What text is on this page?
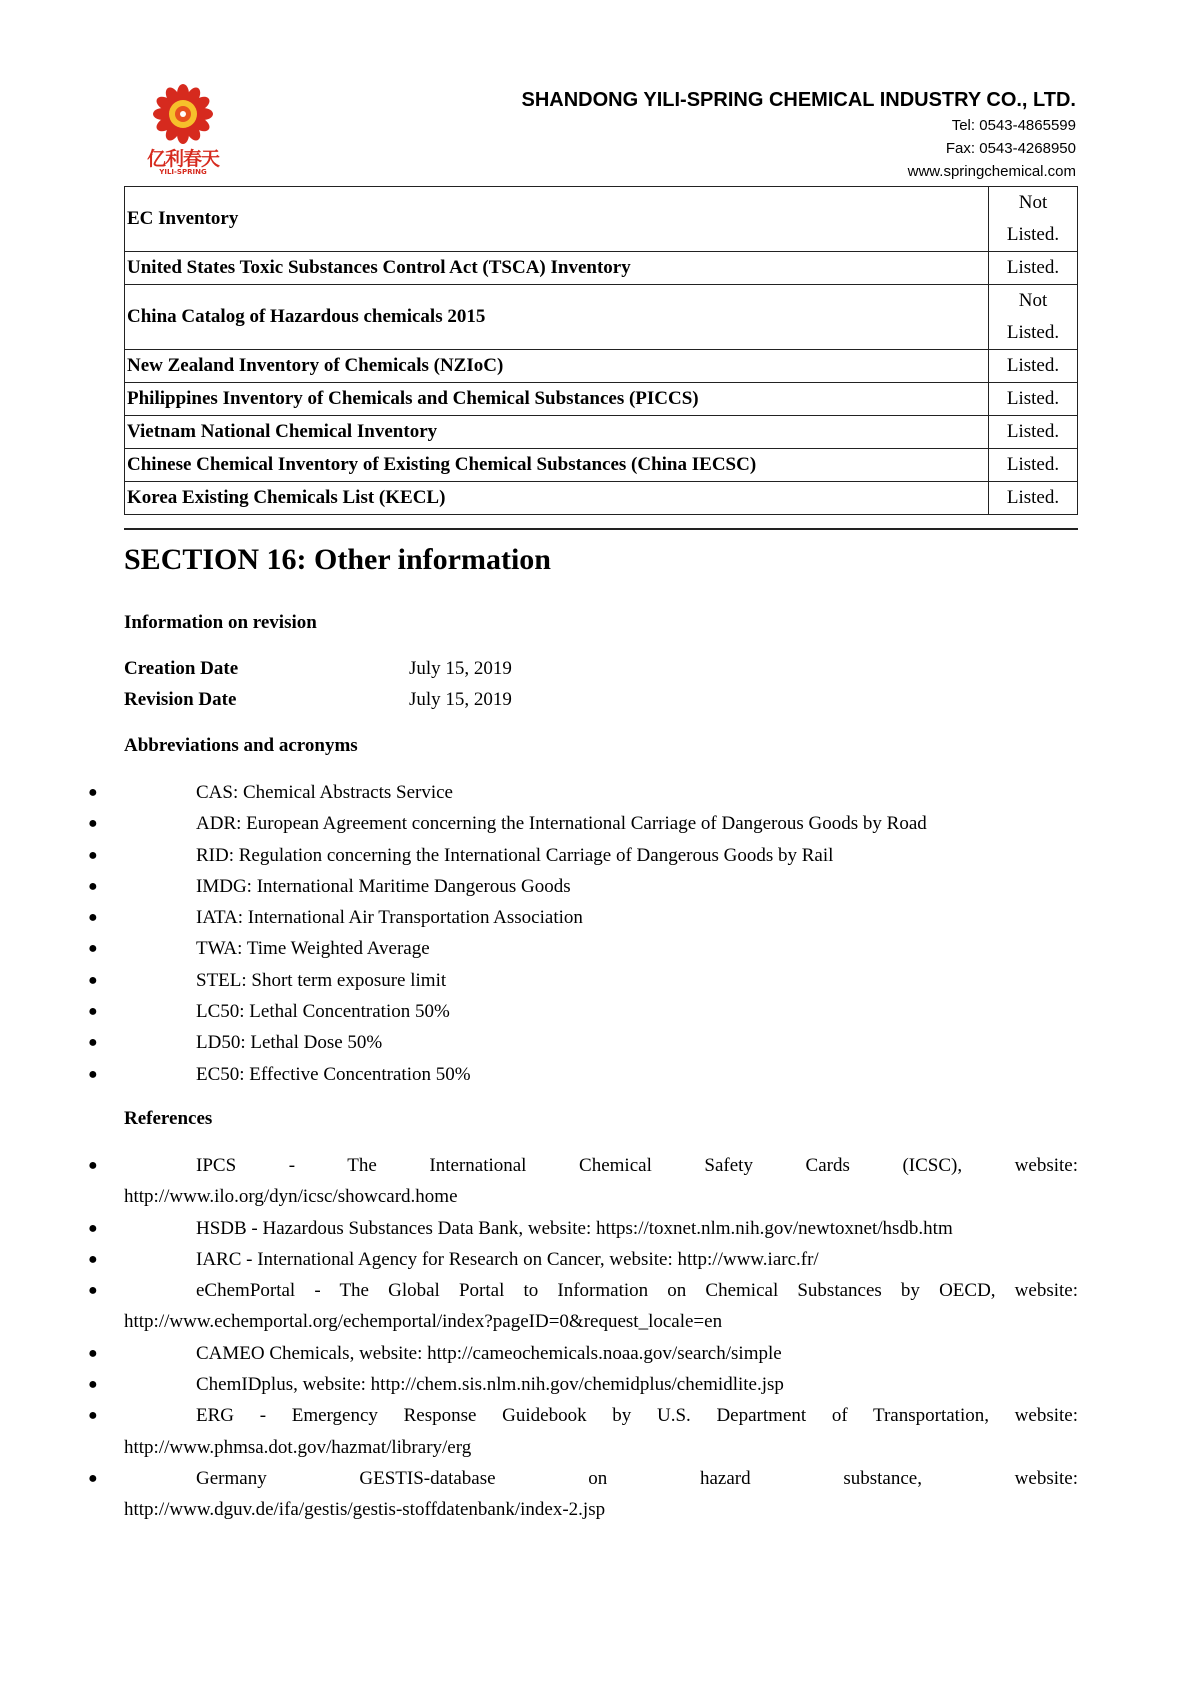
亿利春天
YILI-SPRING
SHANDONG YILI-SPRING CHEMICAL INDUSTRY CO., LTD.
Tel: 0543-4865599
Fax: 0543-4268950
www.springchemical.com
EC Inventory	Not
Listed.
United States Toxic Substances Control Act (TSCA) Inventory	Listed.
China Catalog of Hazardous chemicals 2015	Not
Listed.
New Zealand Inventory of Chemicals (NZIoC)	Listed.
Philippines Inventory of Chemicals and Chemical Substances (PICCS)	Listed.
Vietnam National Chemical Inventory	Listed.
Chinese Chemical Inventory of Existing Chemical Substances (China IECSC)	Listed.
Korea Existing Chemicals List (KECL)	Listed.
SECTION 16: Other information
Information on revision
Creation Date	July 15, 2019
Revision Date	July 15, 2019
Abbreviations and acronyms
●	CAS: Chemical Abstracts Service
●	ADR: European Agreement concerning the International Carriage of Dangerous Goods by Road
●	RID: Regulation concerning the International Carriage of Dangerous Goods by Rail
●	IMDG: International Maritime Dangerous Goods
●	IATA: International Air Transportation Association
●	TWA: Time Weighted Average
●	STEL: Short term exposure limit
●	LC50: Lethal Concentration 50%
●	LD50: Lethal Dose 50%
●	EC50: Effective Concentration 50%
References
●	IPCS - The International Chemical Safety Cards (ICSC), website:
http://www.ilo.org/dyn/icsc/showcard.home
●	HSDB - Hazardous Substances Data Bank, website: https://toxnet.nlm.nih.gov/newtoxnet/hsdb.htm
●	IARC - International Agency for Research on Cancer, website: http://www.iarc.fr/
●	eChemPortal - The Global Portal to Information on Chemical Substances by OECD, website:
http://www.echemportal.org/echemportal/index?pageID=0&request_locale=en
●	CAMEO Chemicals, website: http://cameochemicals.noaa.gov/search/simple
●	ChemIDplus, website: http://chem.sis.nlm.nih.gov/chemidplus/chemidlite.jsp
●	ERG - Emergency Response Guidebook by U.S. Department of Transportation, website:
http://www.phmsa.dot.gov/hazmat/library/erg
●	Germany GESTIS-database on hazard substance, website:
http://www.dguv.de/ifa/gestis/gestis-stoffdatenbank/index-2.jsp
